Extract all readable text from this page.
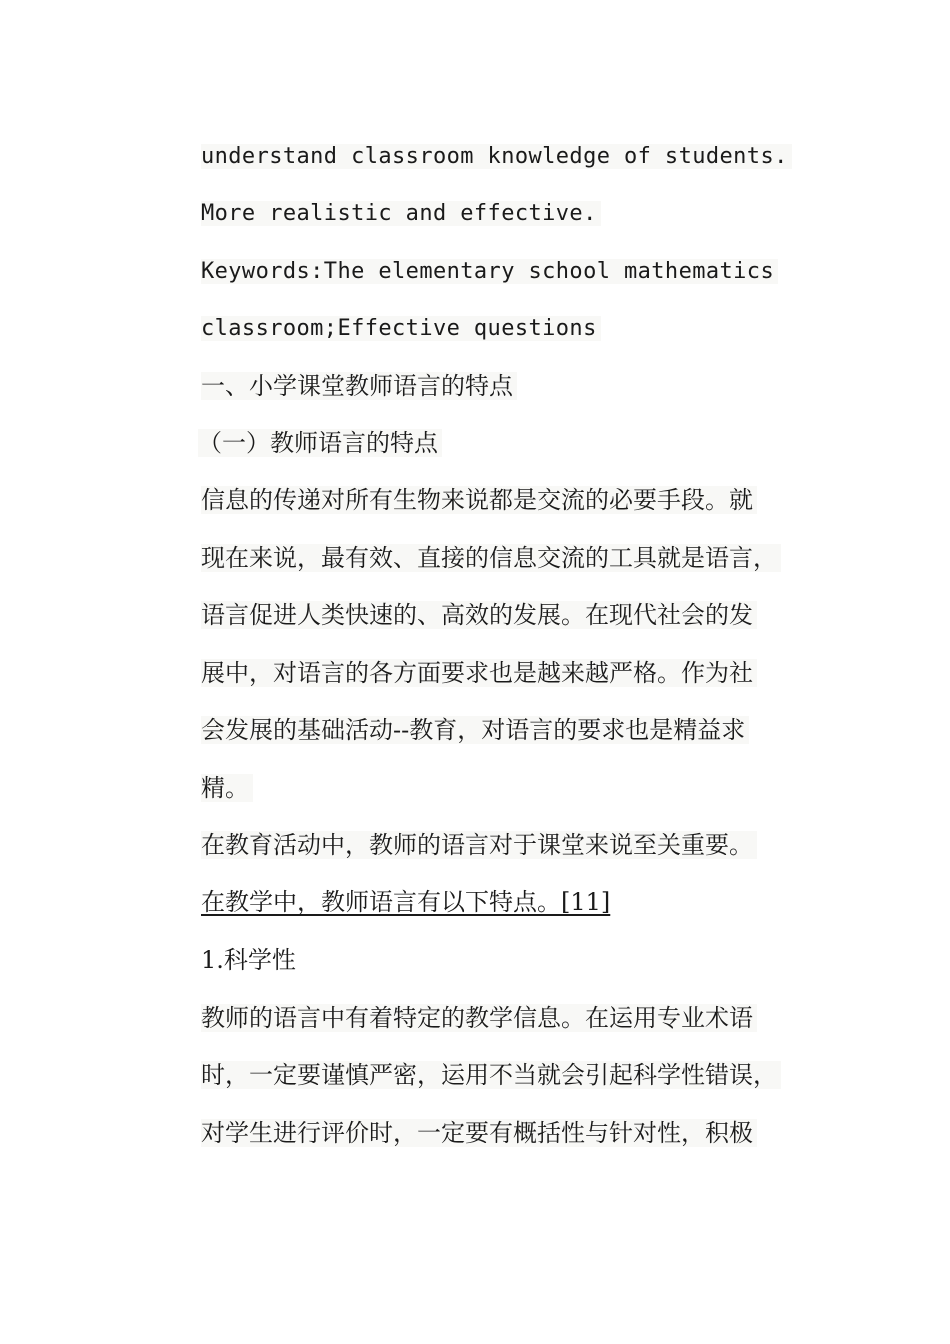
understand classroom knowledge of students.
More realistic and effective.
Keywords:The elementary school mathematics
classroom;Effective questions
一、小学课堂教师语言的特点
（一）教师语言的特点
信息的传递对所有生物来说都是交流的必要手段。就
现在来说，最有效、直接的信息交流的工具就是语言，
语言促进人类快速的、高效的发展。在现代社会的发
展中，对语言的各方面要求也是越来越严格。作为社
会发展的基础活动--教育，对语言的要求也是精益求
精。
在教育活动中，教师的语言对于课堂来说至关重要。
在教学中，教师语言有以下特点。[11]
1.科学性
教师的语言中有着特定的教学信息。在运用专业术语
时，一定要谨慎严密，运用不当就会引起科学性错误，
对学生进行评价时，一定要有概括性与针对性，积极
